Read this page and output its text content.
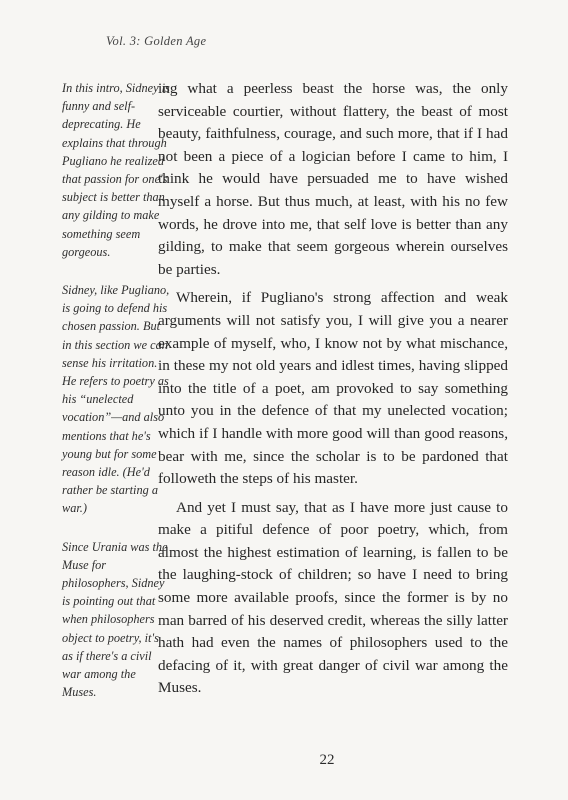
Vol. 3: Golden Age

In this intro, Sidney is funny and self-deprecating. He explains that through Pugliano he realized that passion for one's subject is better than any gilding to make something seem gorgeous.

Sidney, like Pugliano, is going to defend his chosen passion. But in this section we can sense his irritation. He refers to poetry as his “unelected vocation”—and also mentions that he's young but for some reason idle. (He'd rather be starting a war.)

Since Urania was the Muse for philosophers, Sidney is pointing out that when philosophers object to poetry, it's as if there's a civil war among the Muses.

ing what a peerless beast the horse was, the only serviceable courtier, without flattery, the beast of most beauty, faithfulness, courage, and such more, that if I had not been a piece of a logician before I came to him, I think he would have persuaded me to have wished myself a horse. But thus much, at least, with his no few words, he drove into me, that self love is better than any gilding, to make that seem gorgeous wherein ourselves be parties.

Wherein, if Pugliano's strong affection and weak arguments will not satisfy you, I will give you a nearer example of myself, who, I know not by what mischance, in these my not old years and idlest times, having slipped into the title of a poet, am provoked to say something unto you in the defence of that my unelected vocation; which if I handle with more good will than good reasons, bear with me, since the scholar is to be pardoned that followeth the steps of his master.

And yet I must say, that as I have more just cause to make a pitiful defence of poor poetry, which, from almost the highest estimation of learning, is fallen to be the laughing-stock of children; so have I need to bring some more available proofs, since the former is by no man barred of his deserved credit, whereas the silly latter hath had even the names of philosophers used to the defacing of it, with great danger of civil war among the Muses.

22
